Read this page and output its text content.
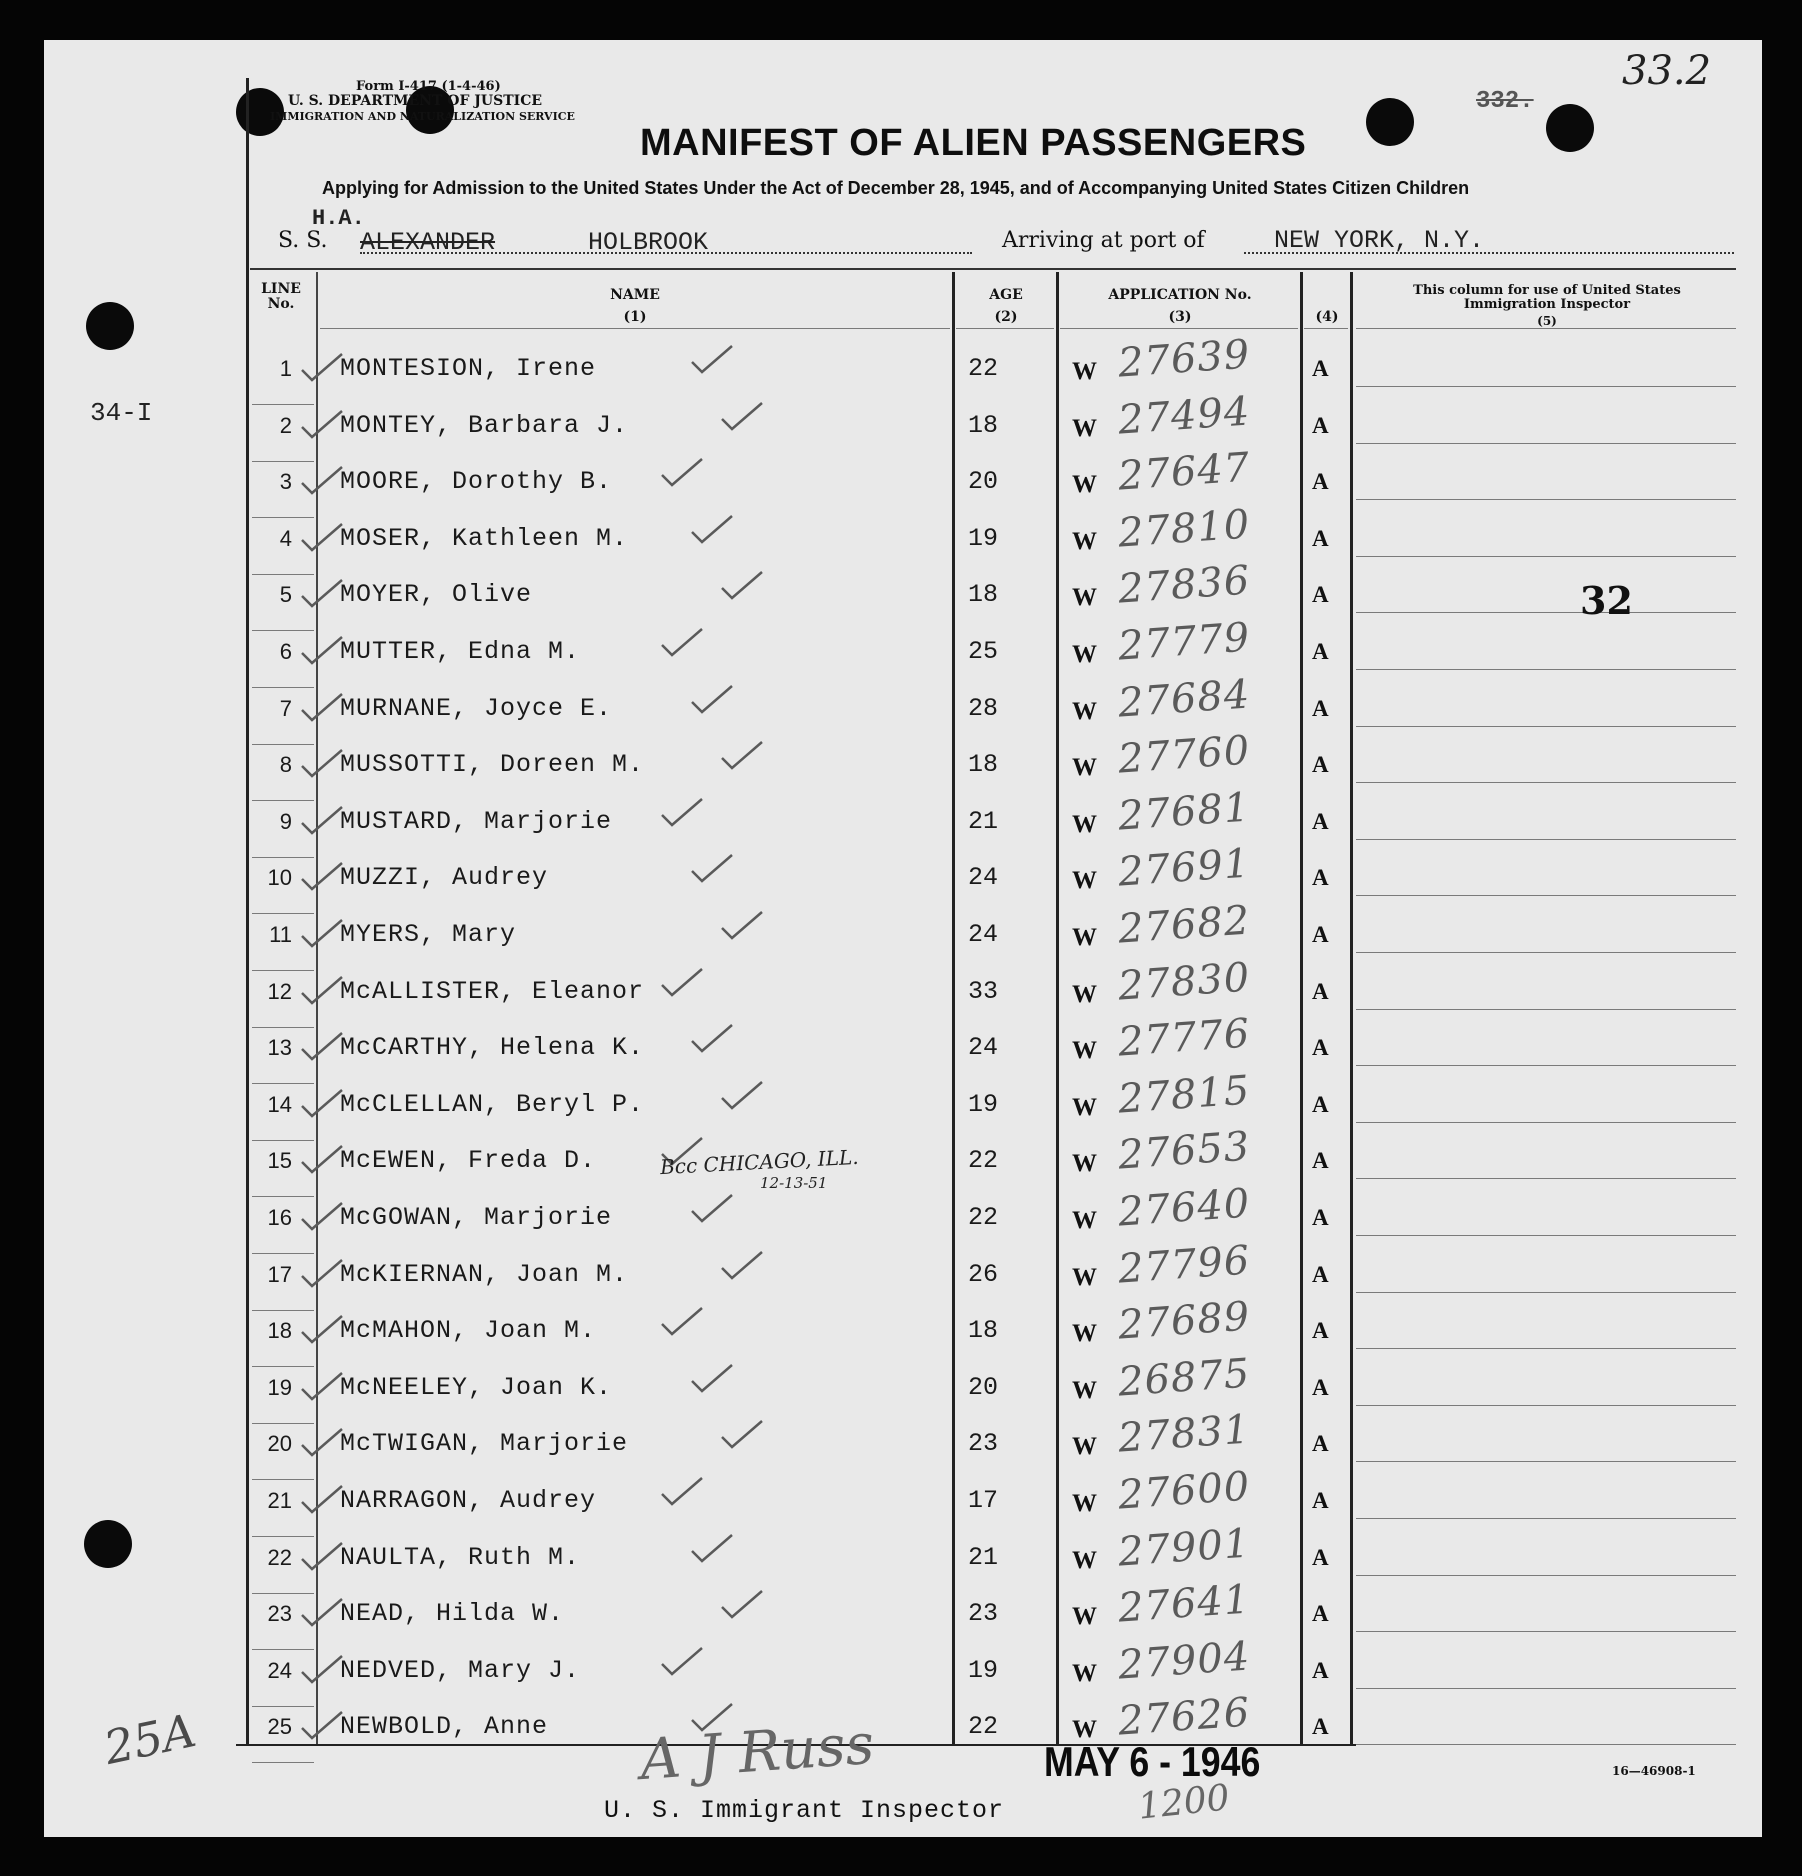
Form I-417 (1-4-46)
U. S. DEPARTMENT OF JUSTICE
IMMIGRATION AND NATURALIZATION SERVICE
332.
33.2
MANIFEST OF ALIEN PASSENGERS
Applying for Admission to the United States Under the Act of December 28, 1945, and of Accompanying United States Citizen Children
S. S. ALEXANDER
H.A.
HOLBROOK	Arriving at port of	NEW YORK, N.Y.
LINE No.
NAME
(1)
AGE
(2)
APPLICATION No.
(3)	(4)
This column for use of United States Immigration Inspector
(5)
1 MONTESION, Irene	22	W 27639	A
2 MONTEY, Barbara J.	18	W 27494	A
3 MOORE, Dorothy B.	20	W 27647	A
4 MOSER, Kathleen M.	19	W 27810	A
5 MOYER, Olive	18	W 27836	A
6 MUTTER, Edna M.	25	W 27779	A
7 MURNANE, Joyce E.	28	W 27684	A
8 MUSSOTTI, Doreen M.	18	W 27760	A
9 MUSTARD, Marjorie	21	W 27681	A
10 MUZZI, Audrey	24	W 27691	A
11 MYERS, Mary	24	W 27682	A
12 McALLISTER, Eleanor	33	W 27830	A
13 McCARTHY, Helena K.	24	W 27776	A
14 McCLELLAN, Beryl P.	19	W 27815	A
15 McEWEN, Freda D.	22	W 27653	A
16 McGOWAN, Marjorie	22	W 27640	A
17 McKIERNAN, Joan M.	26	W 27796	A
18 McMAHON, Joan M.	18	W 27689	A
19 McNEELEY, Joan K.	20	W 26875	A
20 McTWIGAN, Marjorie	23	W 27831	A
21 NARRAGON, Audrey	17	W 27600	A
22 NAULTA, Ruth M.	21	W 27901	A
23 NEAD, Hilda W.	23	W 27641	A
24 NEDVED, Mary J.	19	W 27904	A
25 NEWBOLD, Anne	22	W 27626	A
32
34-I
25A
Bcc CHICAGO, ILL.
12-13-51
A J Russ	MAY 6 - 1946
1200
U. S. Immigrant Inspector
16—46908-1
